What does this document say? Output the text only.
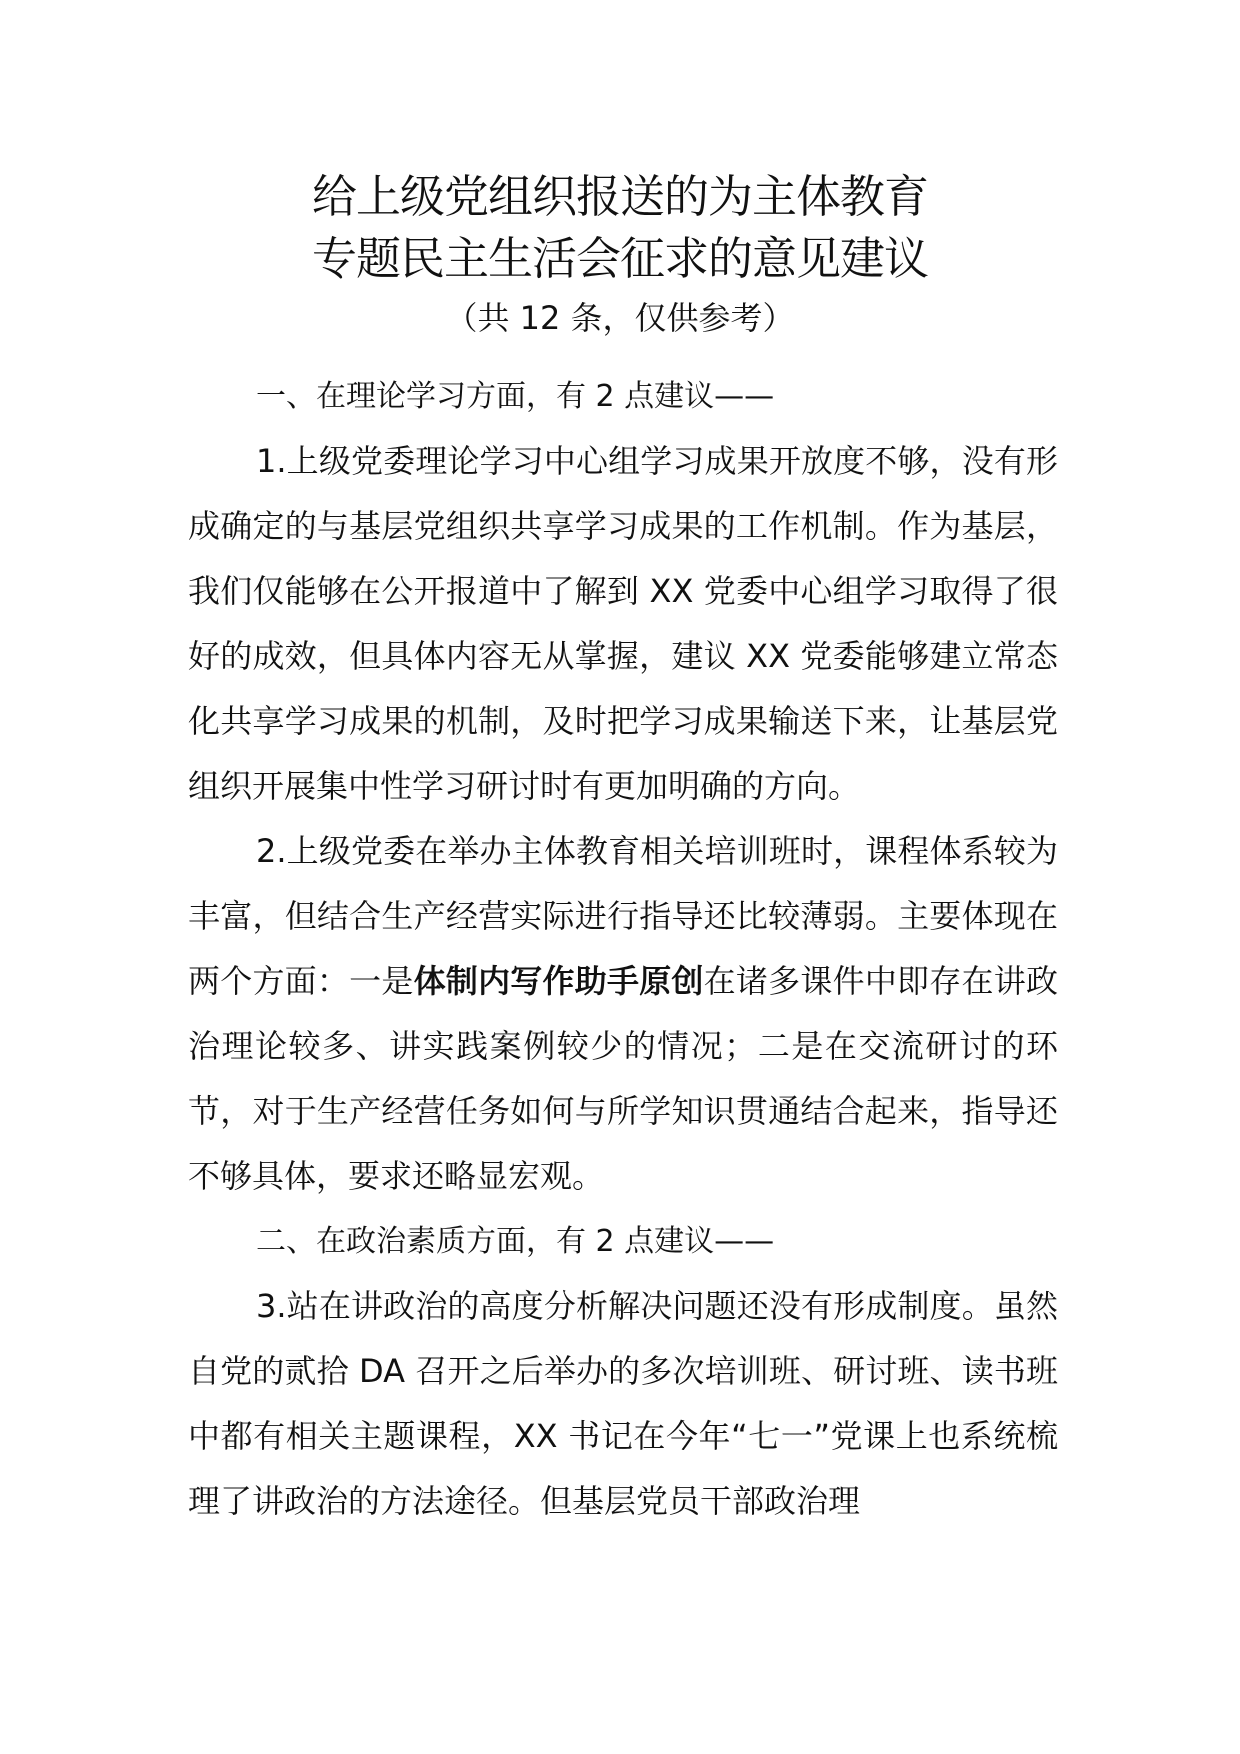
给上级党组织报送的为主体教育
专题民主生活会征求的意见建议
（共 12 条，仅供参考）

一、在理论学习方面，有 2 点建议——

1.上级党委理论学习中心组学习成果开放度不够，没有形成确定的与基层党组织共享学习成果的工作机制。作为基层，我们仅能够在公开报道中了解到 XX 党委中心组学习取得了很好的成效，但具体内容无从掌握，建议 XX 党委能够建立常态化共享学习成果的机制，及时把学习成果输送下来，让基层党组织开展集中性学习研讨时有更加明确的方向。

2.上级党委在举办主体教育相关培训班时，课程体系较为丰富，但结合生产经营实际进行指导还比较薄弱。主要体现在两个方面：一是体制内写作助手原创在诸多课件中即存在讲政治理论较多、讲实践案例较少的情况；二是在交流研讨的环节，对于生产经营任务如何与所学知识贯通结合起来，指导还不够具体，要求还略显宏观。

二、在政治素质方面，有 2 点建议——

3.站在讲政治的高度分析解决问题还没有形成制度。虽然自党的贰拾 DA 召开之后举办的多次培训班、研讨班、读书班中都有相关主题课程，XX 书记在今年“七一”党课上也系统梳理了讲政治的方法途径。但基层党员干部政治理
